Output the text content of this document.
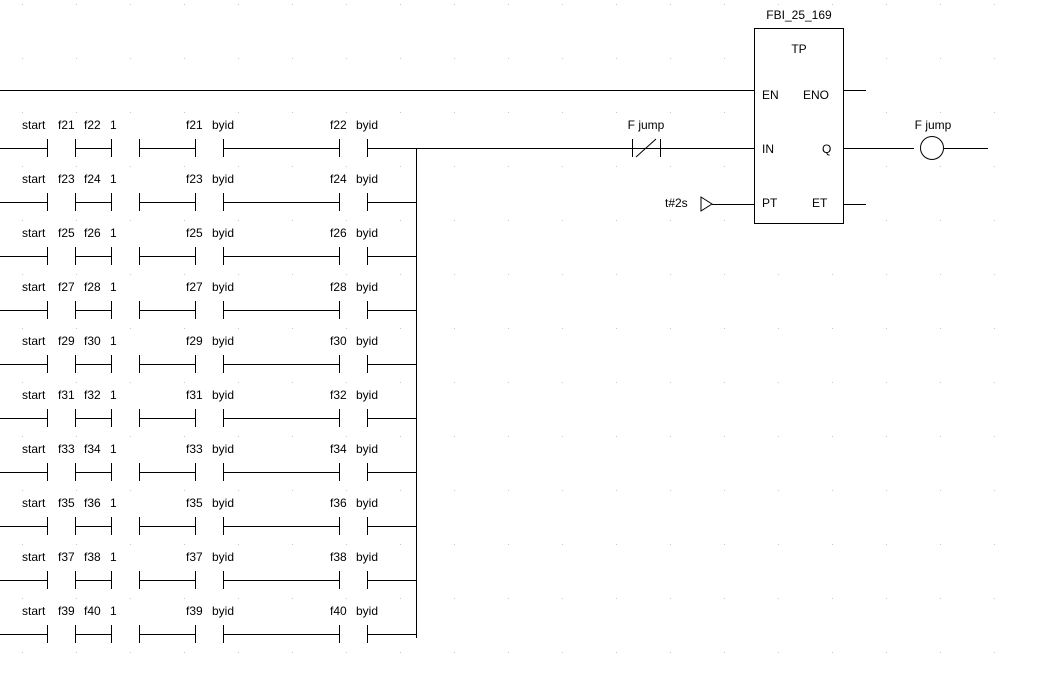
FBI_25_169
TP
EN ENO
IN	Q
PT	ET
t#2s
F jump
F jump
start f21 f22 1	f21 byid	f22 byid
start f23 f24 1	f23 byid	f24 byid
start f25 f26 1	f25 byid	f26 byid
start f27 f28 1	f27 byid	f28 byid
start f29 f30 1	f29 byid	f30 byid
start f31 f32 1	f31 byid	f32 byid
start f33 f34 1	f33 byid	f34 byid
start f35 f36 1	f35 byid	f36 byid
start f37 f38 1	f37 byid	f38 byid
start f39 f40 1	f39 byid	f40 byid
